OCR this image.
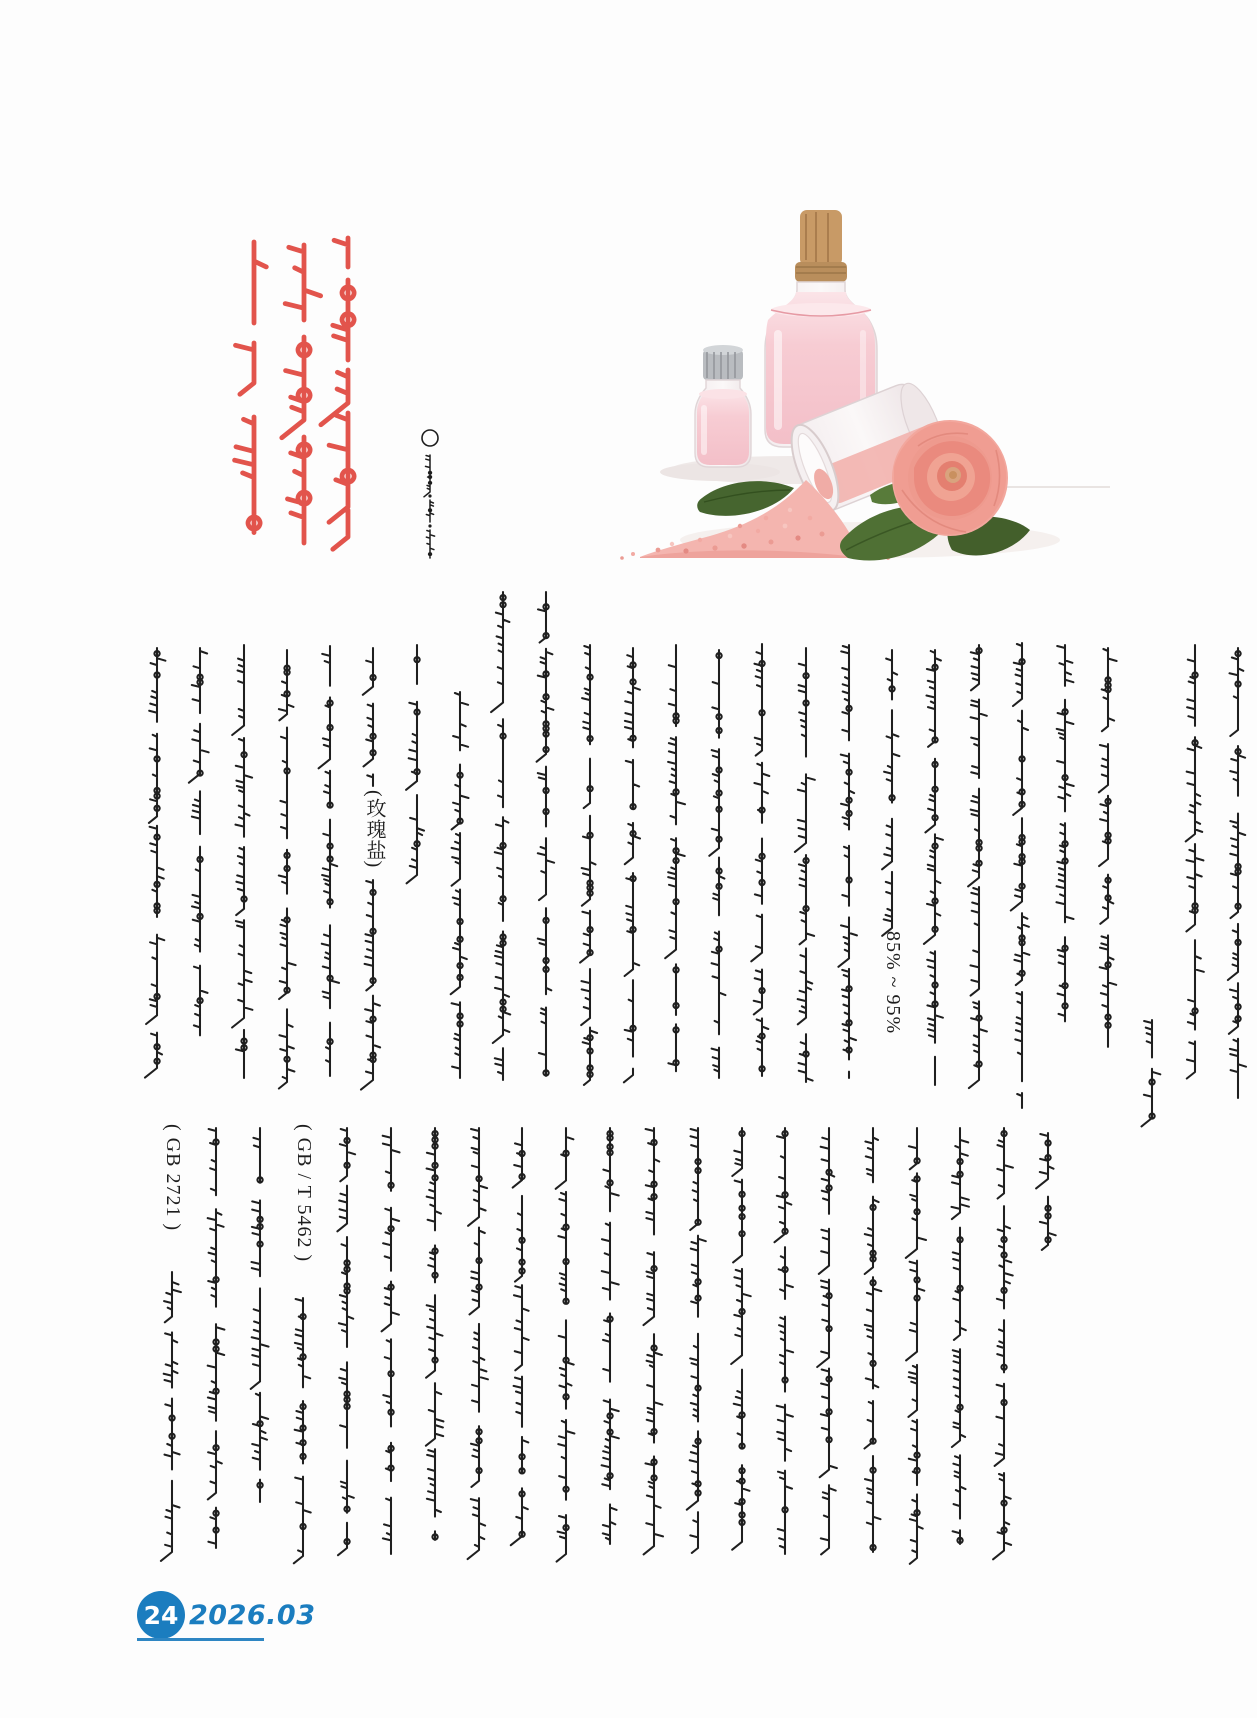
85% ~ 95%
(玫瑰盐)
( GB / T 5462 )
( GB 2721 )
24 2026.03
